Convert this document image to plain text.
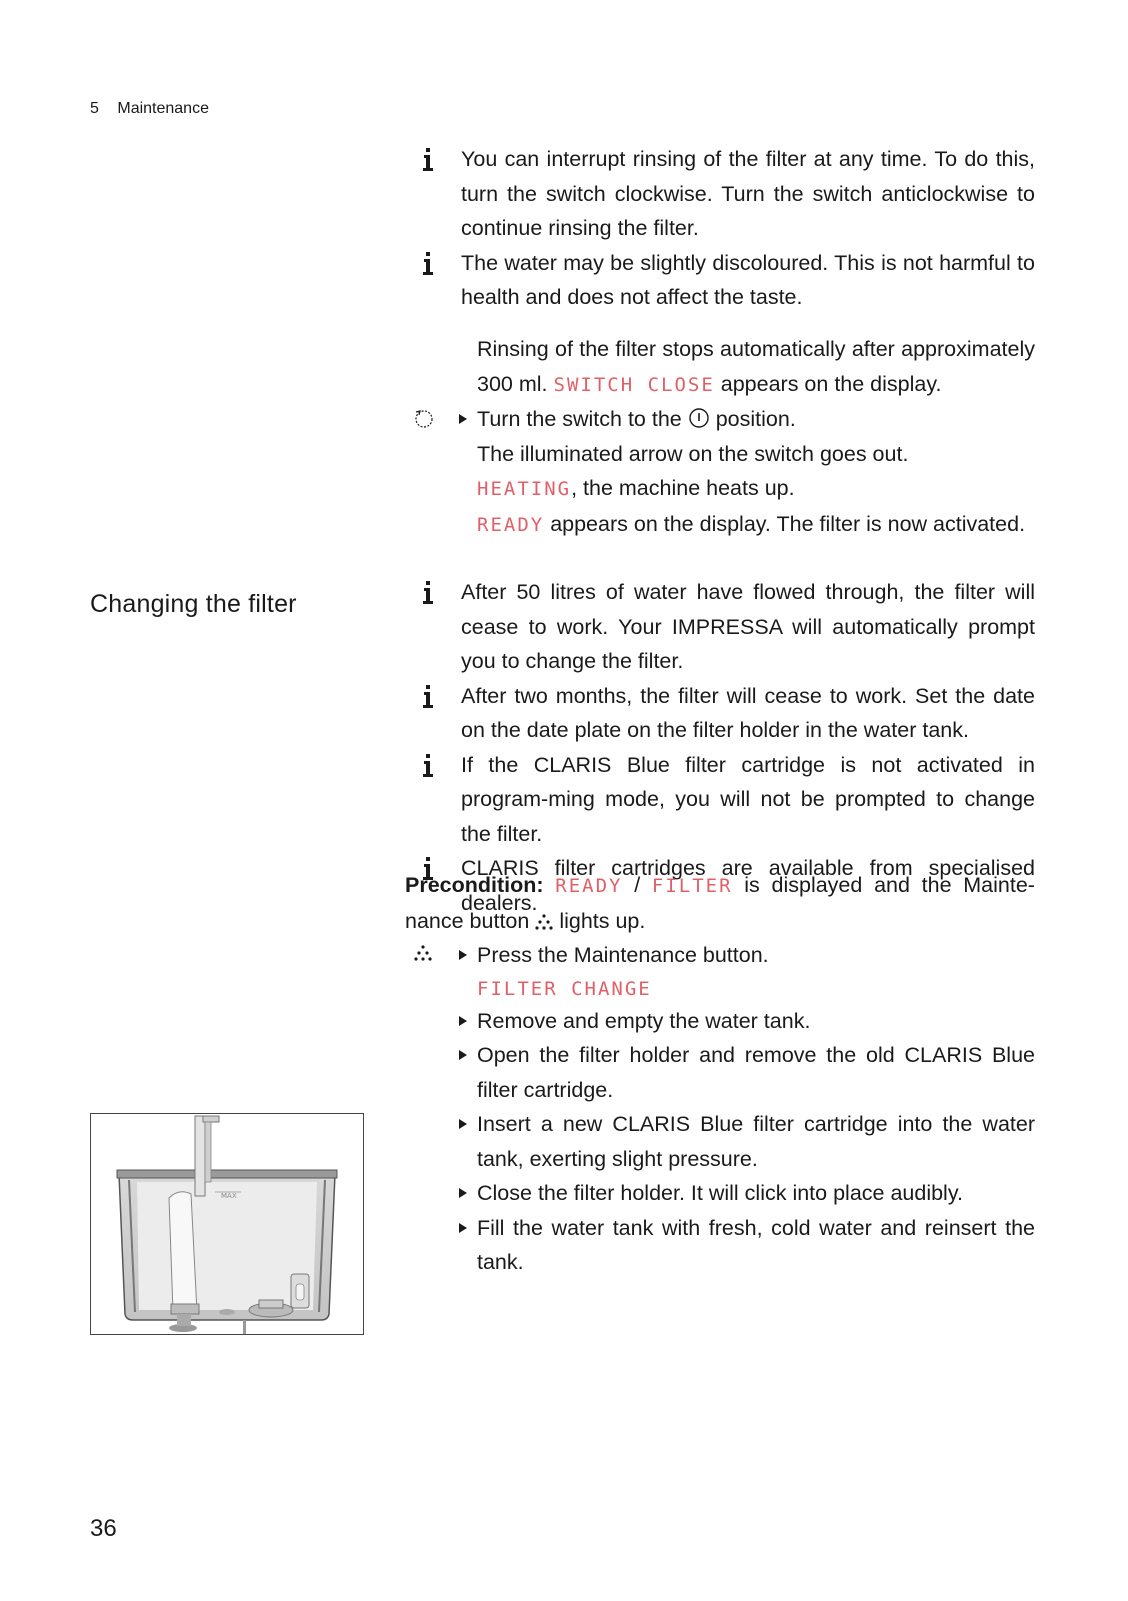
5 Maintenance
Changing the filter
You can interrupt rinsing of the filter at any time. To do this, turn the switch clockwise. Turn the switch anticlockwise to continue rinsing the filter.
The water may be slightly discoloured. This is not harmful to health and does not affect the taste.
Rinsing of the filter stops automatically after approximately 300 ml. SWITCH CLOSE appears on the display.
Turn the switch to the position.
The illuminated arrow on the switch goes out.
HEATING, the machine heats up.
READY appears on the display. The filter is now activated.
After 50 litres of water have flowed through, the filter will cease to work. Your IMPRESSA will automatically prompt you to change the filter.
After two months, the filter will cease to work. Set the date on the date plate on the filter holder in the water tank.
If the CLARIS Blue filter cartridge is not activated in program-ming mode, you will not be prompted to change the filter.
CLARIS filter cartridges are available from specialised dealers.
Precondition: READY / FILTER is displayed and the Mainte-nance button lights up.
Press the Maintenance button.
FILTER CHANGE
Remove and empty the water tank.
Open the filter holder and remove the old CLARIS Blue filter cartridge.
Insert a new CLARIS Blue filter cartridge into the water tank, exerting slight pressure.
Close the filter holder. It will click into place audibly.
Fill the water tank with fresh, cold water and reinsert the tank.
MAX
36
